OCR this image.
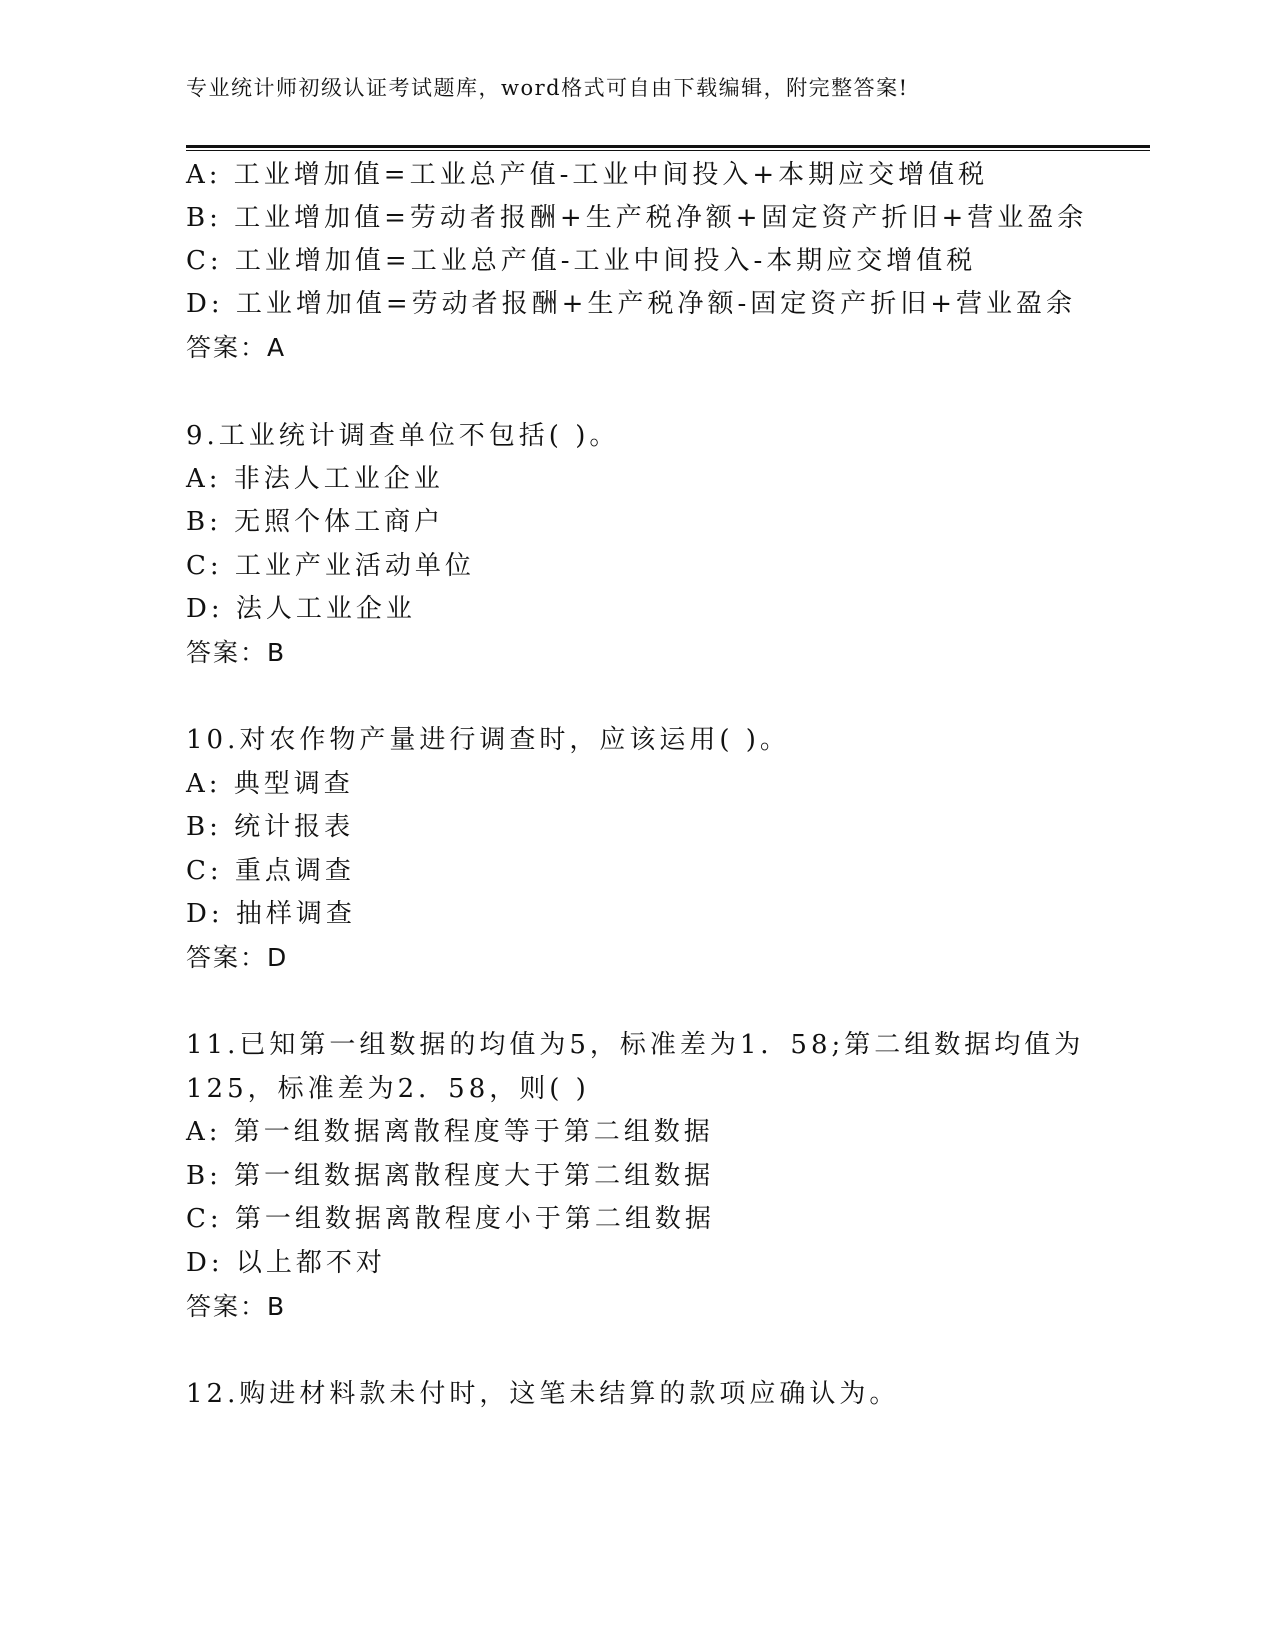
专业统计师初级认证考试题库，word格式可自由下载编辑，附完整答案!
A: 工业增加值=工业总产值-工业中间投入+本期应交增值税
B: 工业增加值=劳动者报酬+生产税净额+固定资产折旧+营业盈余
C: 工业增加值=工业总产值-工业中间投入-本期应交增值税
D: 工业增加值=劳动者报酬+生产税净额-固定资产折旧+营业盈余
答案：A
9.工业统计调查单位不包括( )。
A: 非法人工业企业
B: 无照个体工商户
C: 工业产业活动单位
D: 法人工业企业
答案：B
10.对农作物产量进行调查时，应该运用( )。
A: 典型调查
B: 统计报表
C: 重点调查
D: 抽样调查
答案：D
11.已知第一组数据的均值为5，标准差为1．58;第二组数据均值为
125，标准差为2．58，则( )
A: 第一组数据离散程度等于第二组数据
B: 第一组数据离散程度大于第二组数据
C: 第一组数据离散程度小于第二组数据
D: 以上都不对
答案：B
12.购进材料款未付时，这笔未结算的款项应确认为。
